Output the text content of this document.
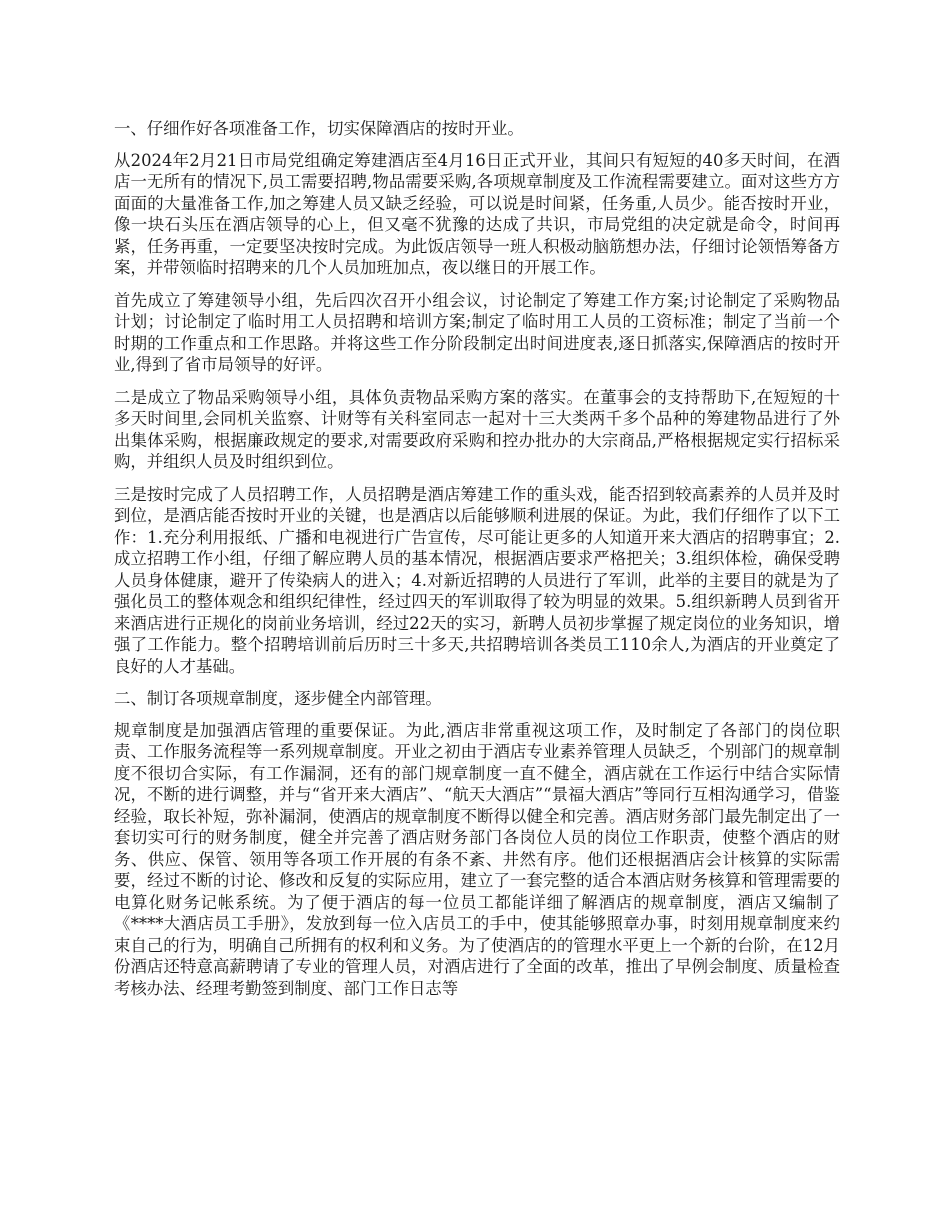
一、仔细作好各项准备工作，切实保障酒店的按时开业。

从2024年2月21日市局党组确定筹建酒店至4月16日正式开业，其间只有短短的40多天时间，在酒店一无所有的情况下,员工需要招聘,物品需要采购,各项规章制度及工作流程需要建立。面对这些方方面面的大量准备工作,加之筹建人员又缺乏经验，可以说是时间紧，任务重,人员少。能否按时开业，像一块石头压在酒店领导的心上，但又毫不犹豫的达成了共识，市局党组的决定就是命令，时间再紧，任务再重，一定要坚决按时完成。为此饭店领导一班人积极动脑筋想办法，仔细讨论领悟筹备方案，并带领临时招聘来的几个人员加班加点，夜以继日的开展工作。

首先成立了筹建领导小组，先后四次召开小组会议，讨论制定了筹建工作方案;讨论制定了采购物品计划；讨论制定了临时用工人员招聘和培训方案;制定了临时用工人员的工资标准；制定了当前一个时期的工作重点和工作思路。并将这些工作分阶段制定出时间进度表,逐日抓落实,保障酒店的按时开业,得到了省市局领导的好评。

二是成立了物品采购领导小组，具体负责物品采购方案的落实。在董事会的支持帮助下,在短短的十多天时间里,会同机关监察、计财等有关科室同志一起对十三大类两千多个品种的筹建物品进行了外出集体采购，根据廉政规定的要求,对需要政府采购和控办批办的大宗商品,严格根据规定实行招标采购，并组织人员及时组织到位。

三是按时完成了人员招聘工作，人员招聘是酒店筹建工作的重头戏，能否招到较高素养的人员并及时到位，是酒店能否按时开业的关键，也是酒店以后能够顺利进展的保证。为此，我们仔细作了以下工作：1.充分利用报纸、广播和电视进行广告宣传，尽可能让更多的人知道开来大酒店的招聘事宜；2.成立招聘工作小组，仔细了解应聘人员的基本情况，根据酒店要求严格把关；3.组织体检，确保受聘人员身体健康，避开了传染病人的进入；4.对新近招聘的人员进行了军训，此举的主要目的就是为了强化员工的整体观念和组织纪律性，经过四天的军训取得了较为明显的效果。5.组织新聘人员到省开来酒店进行正规化的岗前业务培训，经过22天的实习，新聘人员初步掌握了规定岗位的业务知识，增强了工作能力。整个招聘培训前后历时三十多天,共招聘培训各类员工110余人,为酒店的开业奠定了良好的人才基础。

二、制订各项规章制度，逐步健全内部管理。

规章制度是加强酒店管理的重要保证。为此,酒店非常重视这项工作，及时制定了各部门的岗位职责、工作服务流程等一系列规章制度。开业之初由于酒店专业素养管理人员缺乏，个别部门的规章制度不很切合实际，有工作漏洞，还有的部门规章制度一直不健全，酒店就在工作运行中结合实际情况，不断的进行调整，并与“省开来大酒店”、“航天大酒店”“景福大酒店”等同行互相沟通学习，借鉴经验，取长补短，弥补漏洞，使酒店的规章制度不断得以健全和完善。酒店财务部门最先制定出了一套切实可行的财务制度，健全并完善了酒店财务部门各岗位人员的岗位工作职责，使整个酒店的财务、供应、保管、领用等各项工作开展的有条不紊、井然有序。他们还根据酒店会计核算的实际需要，经过不断的讨论、修改和反复的实际应用，建立了一套完整的适合本酒店财务核算和管理需要的电算化财务记帐系统。为了便于酒店的每一位员工都能详细了解酒店的规章制度，酒店又编制了《****大酒店员工手册》，发放到每一位入店员工的手中，使其能够照章办事，时刻用规章制度来约束自己的行为，明确自己所拥有的权利和义务。为了使酒店的的管理水平更上一个新的台阶，在12月份酒店还特意高薪聘请了专业的管理人员，对酒店进行了全面的改革，推出了早例会制度、质量检查考核办法、经理考勤签到制度、部门工作日志等
